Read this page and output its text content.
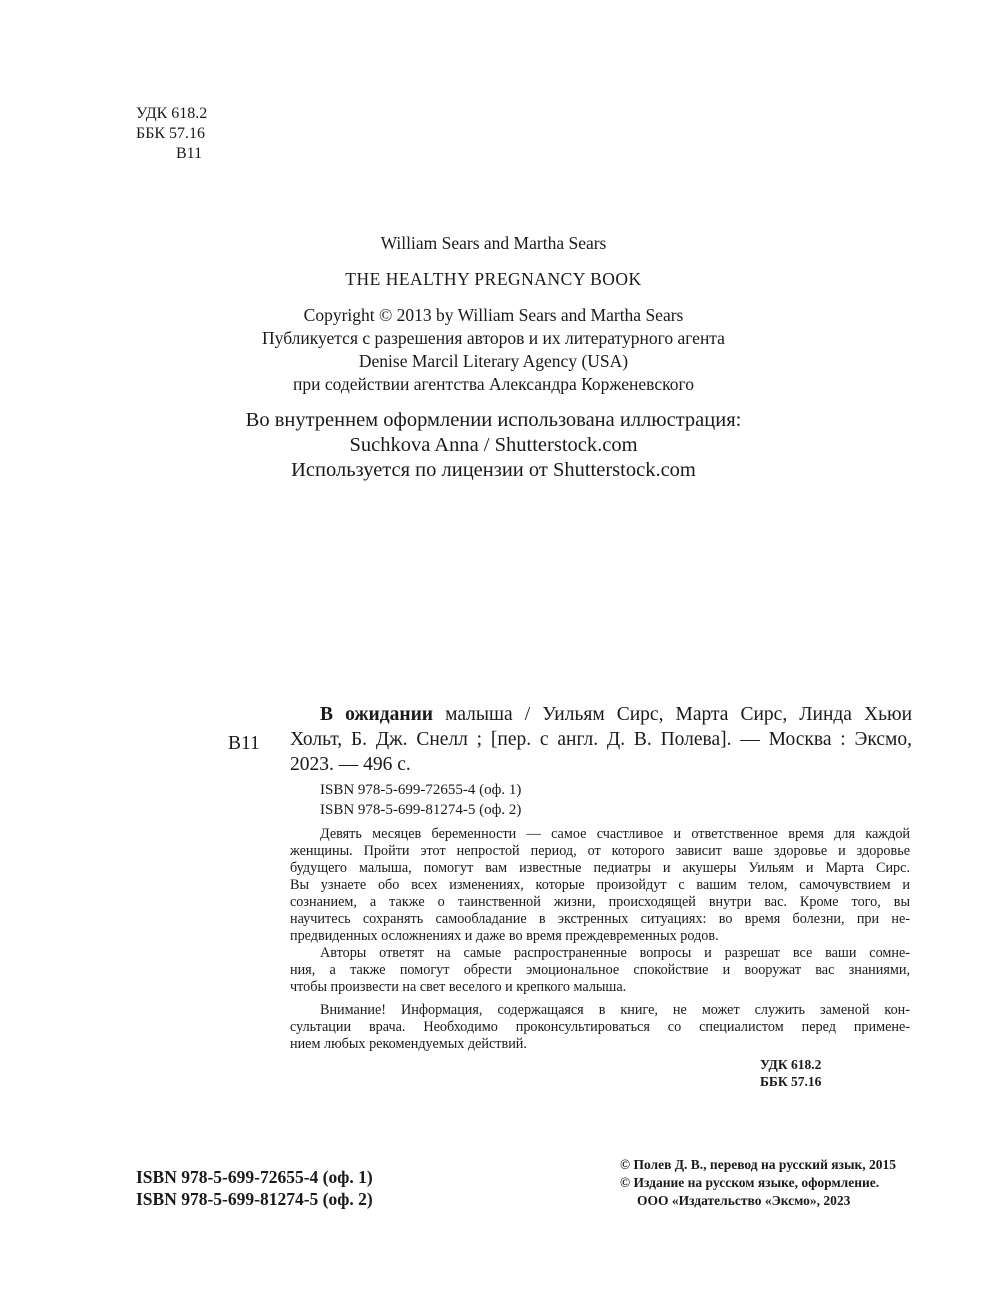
УДК 618.2
ББК 57.16
В11
William Sears and Martha Sears
THE HEALTHY PREGNANCY BOOK
Copyright © 2013 by William Sears and Martha Sears
Публикуется с разрешения авторов и их литературного агента
Denise Marcil Literary Agency (USA)
при содействии агентства Александра Корженевского
Во внутреннем оформлении использована иллюстрация:
Suchkova Anna / Shutterstock.com
Используется по лицензии от Shutterstock.com
В ожидании малыша / Уильям Сирс, Марта Сирс, Линда Хьюи
В11 Хольт, Б. Дж. Снелл ; [пер. с англ. Д. В. Полева]. — Москва : Эксмо,
2023. — 496 с.
ISBN 978-5-699-72655-4 (оф. 1)
ISBN 978-5-699-81274-5 (оф. 2)
Девять месяцев беременности — самое счастливое и ответственное время для каждой
женщины. Пройти этот непростой период, от которого зависит ваше здоровье и здоровье
будущего малыша, помогут вам известные педиатры и акушеры Уильям и Марта Сирс.
Вы узнаете обо всех изменениях, которые произойдут с вашим телом, самочувствием и
сознанием, а также о таинственной жизни, происходящей внутри вас. Кроме того, вы
научитесь сохранять самообладание в экстренных ситуациях: во время болезни, при не-
предвиденных осложнениях и даже во время преждевременных родов.
Авторы ответят на самые распространенные вопросы и разрешат все ваши сомне-
ния, а также помогут обрести эмоциональное спокойствие и вооружат вас знаниями,
чтобы произвести на свет веселого и крепкого малыша.
Внимание! Информация, содержащаяся в книге, не может служить заменой кон-
сультации врача. Необходимо проконсультироваться со специалистом перед примене-
нием любых рекомендуемых действий.
УДК 618.2
ББК 57.16
ISBN 978-5-699-72655-4 (оф. 1)
ISBN 978-5-699-81274-5 (оф. 2)
© Полев Д. В., перевод на русский язык, 2015
© Издание на русском языке, оформление.
ООО «Издательство «Эксмо», 2023
